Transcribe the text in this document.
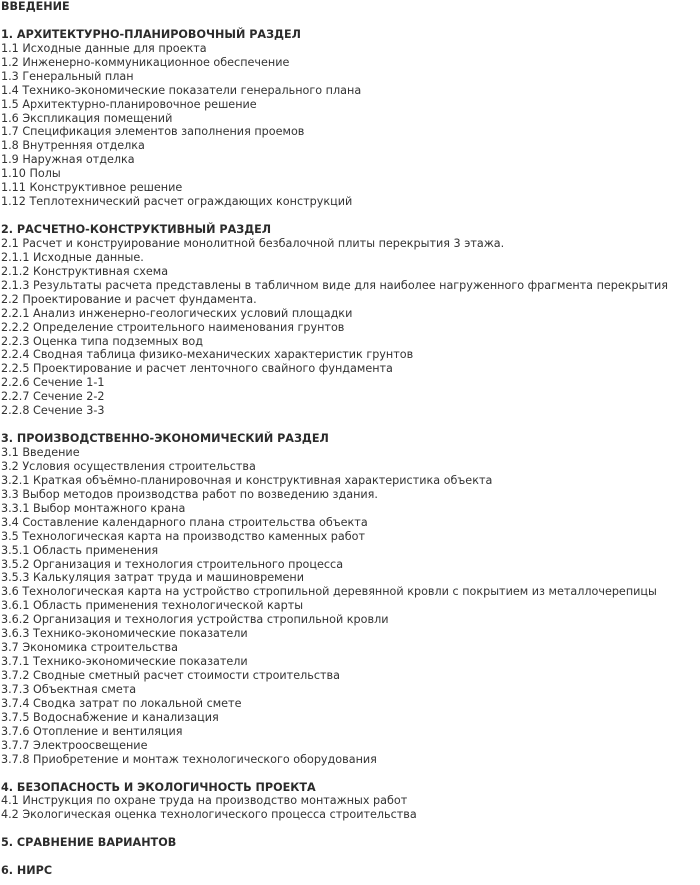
ВВЕДЕНИЕ
1. АРХИТЕКТУРНО-ПЛАНИРОВОЧНЫЙ РАЗДЕЛ
1.1 Исходные данные для проекта
1.2 Инженерно-коммуникационное обеспечение
1.3 Генеральный план
1.4 Технико-экономические показатели генерального плана
1.5 Архитектурно-планировочное решение
1.6 Экспликация помещений
1.7 Спецификация элементов заполнения проемов
1.8 Внутренняя отделка
1.9 Наружная отделка
1.10 Полы
1.11 Конструктивное решение
1.12 Теплотехнический расчет ограждающих конструкций
2. РАСЧЕТНО-КОНСТРУКТИВНЫЙ РАЗДЕЛ
2.1 Расчет и конструирование монолитной безбалочной плиты перекрытия 3 этажа.
2.1.1 Исходные данные.
2.1.2 Конструктивная схема
2.1.3 Результаты расчета представлены в табличном виде для наиболее нагруженного фрагмента перекрытия
2.2 Проектирование и расчет фундамента.
2.2.1 Анализ инженерно-геологических условий площадки
2.2.2 Определение строительного наименования грунтов
2.2.3 Оценка типа подземных вод
2.2.4 Сводная таблица физико-механических характеристик грунтов
2.2.5 Проектирование и расчет ленточного свайного фундамента
2.2.6 Сечение 1-1
2.2.7 Сечение 2-2
2.2.8 Сечение 3-3
3. ПРОИЗВОДСТВЕННО-ЭКОНОМИЧЕСКИЙ РАЗДЕЛ
3.1 Введение
3.2 Условия осуществления строительства
3.2.1 Краткая объёмно-планировочная и конструктивная характеристика объекта
3.3 Выбор методов производства работ по возведению здания.
3.3.1 Выбор монтажного крана
3.4 Составление календарного плана строительства объекта
3.5 Технологическая карта на производство каменных работ
3.5.1 Область применения
3.5.2 Организация и технология строительного процесса
3.5.3 Калькуляция затрат труда и машиновремени
3.6 Технологическая карта на устройство стропильной деревянной кровли с покрытием из металлочерепицы
3.6.1 Область применения технологической карты
3.6.2 Организация и технология устройства стропильной кровли
3.6.3 Технико-экономические показатели
3.7 Экономика строительства
3.7.1 Технико-экономические показатели
3.7.2 Сводные сметный расчет стоимости строительства
3.7.3 Объектная смета
3.7.4 Сводка затрат по локальной смете
3.7.5 Водоснабжение и канализация
3.7.6 Отопление и вентиляция
3.7.7 Электроосвещение
3.7.8 Приобретение и монтаж технологического оборудования
4. БЕЗОПАСНОСТЬ И ЭКОЛОГИЧНОСТЬ ПРОЕКТА
4.1 Инструкция по охране труда на производство монтажных работ
4.2 Экологическая оценка технологического процесса строительства
5. СРАВНЕНИЕ ВАРИАНТОВ
6. НИРС
